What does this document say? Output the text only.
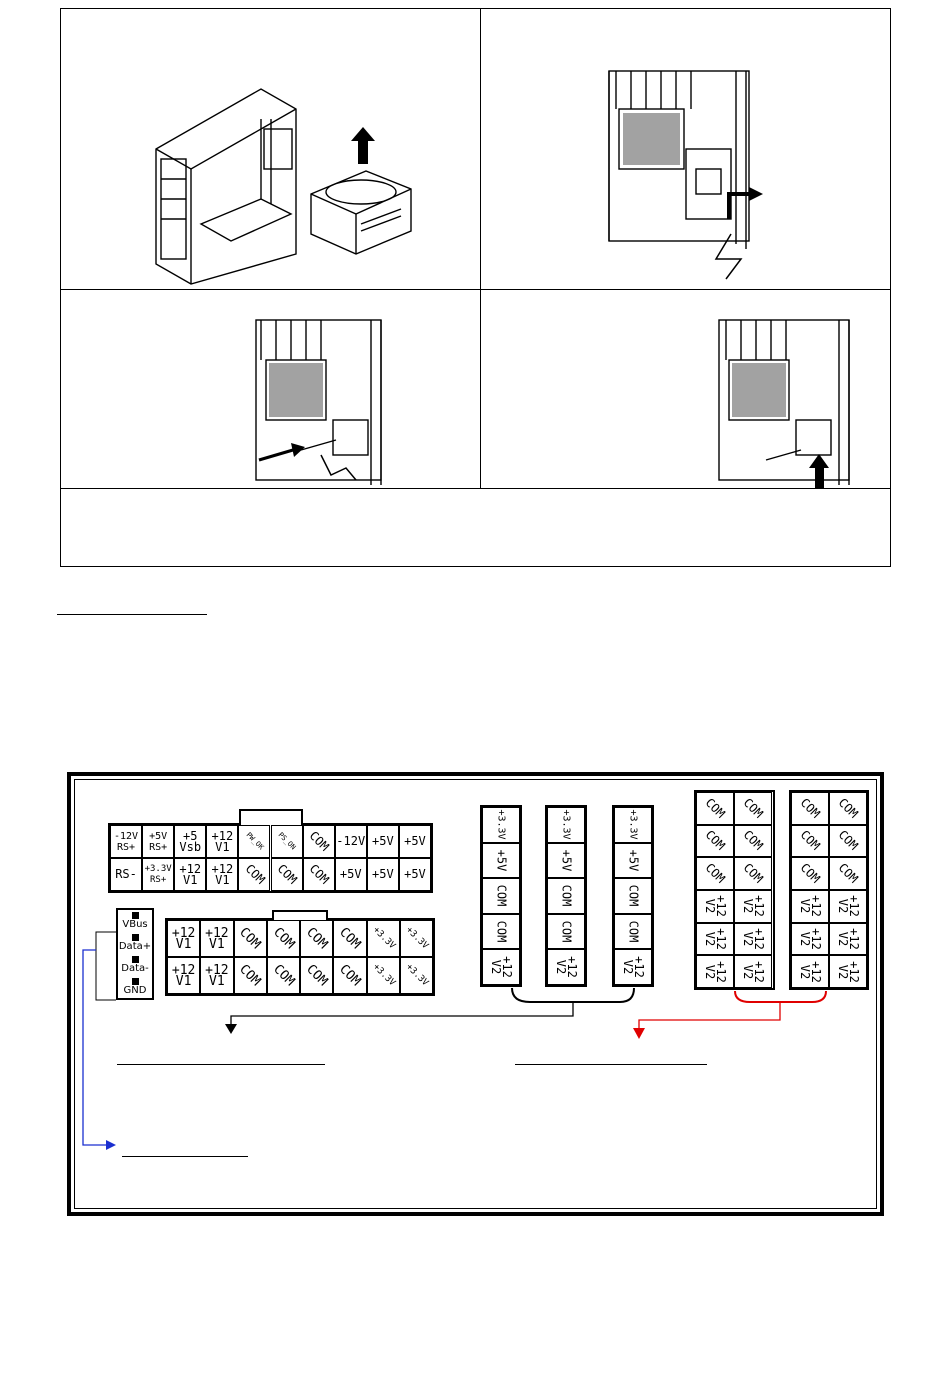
-12V
RS+
+5V
RS+
+5
Vsb
+12
V1	PW_OK PS_ON COM -12V +5V +5V
RS- +3.3V
RS+
+12
V1
+12
V1	COM COM COM +5V +5V +5V
VBus
Data+
Data-
GND
+12
V1
+12
V1 COM COM COM COM +3.3V +3.3V
+12
V1
+12
V1 COM COM COM COM +3.3V +3.3V
+3.3V
+5V
COM
COM
+12
V2
+3.3V
+5V
COM
COM
+12
V2
+3.3V
+5V
COM
COM
+12
V2
COM
COM
COM
+12
V2
+12
V2
+12
V2
COM
COM
COM
+12
V2
+12
V2
+12
V2
COM
COM
COM
+12
V2
+12
V2
+12
V2
COM
COM
COM
+12
V2
+12
V2
+12
V2
